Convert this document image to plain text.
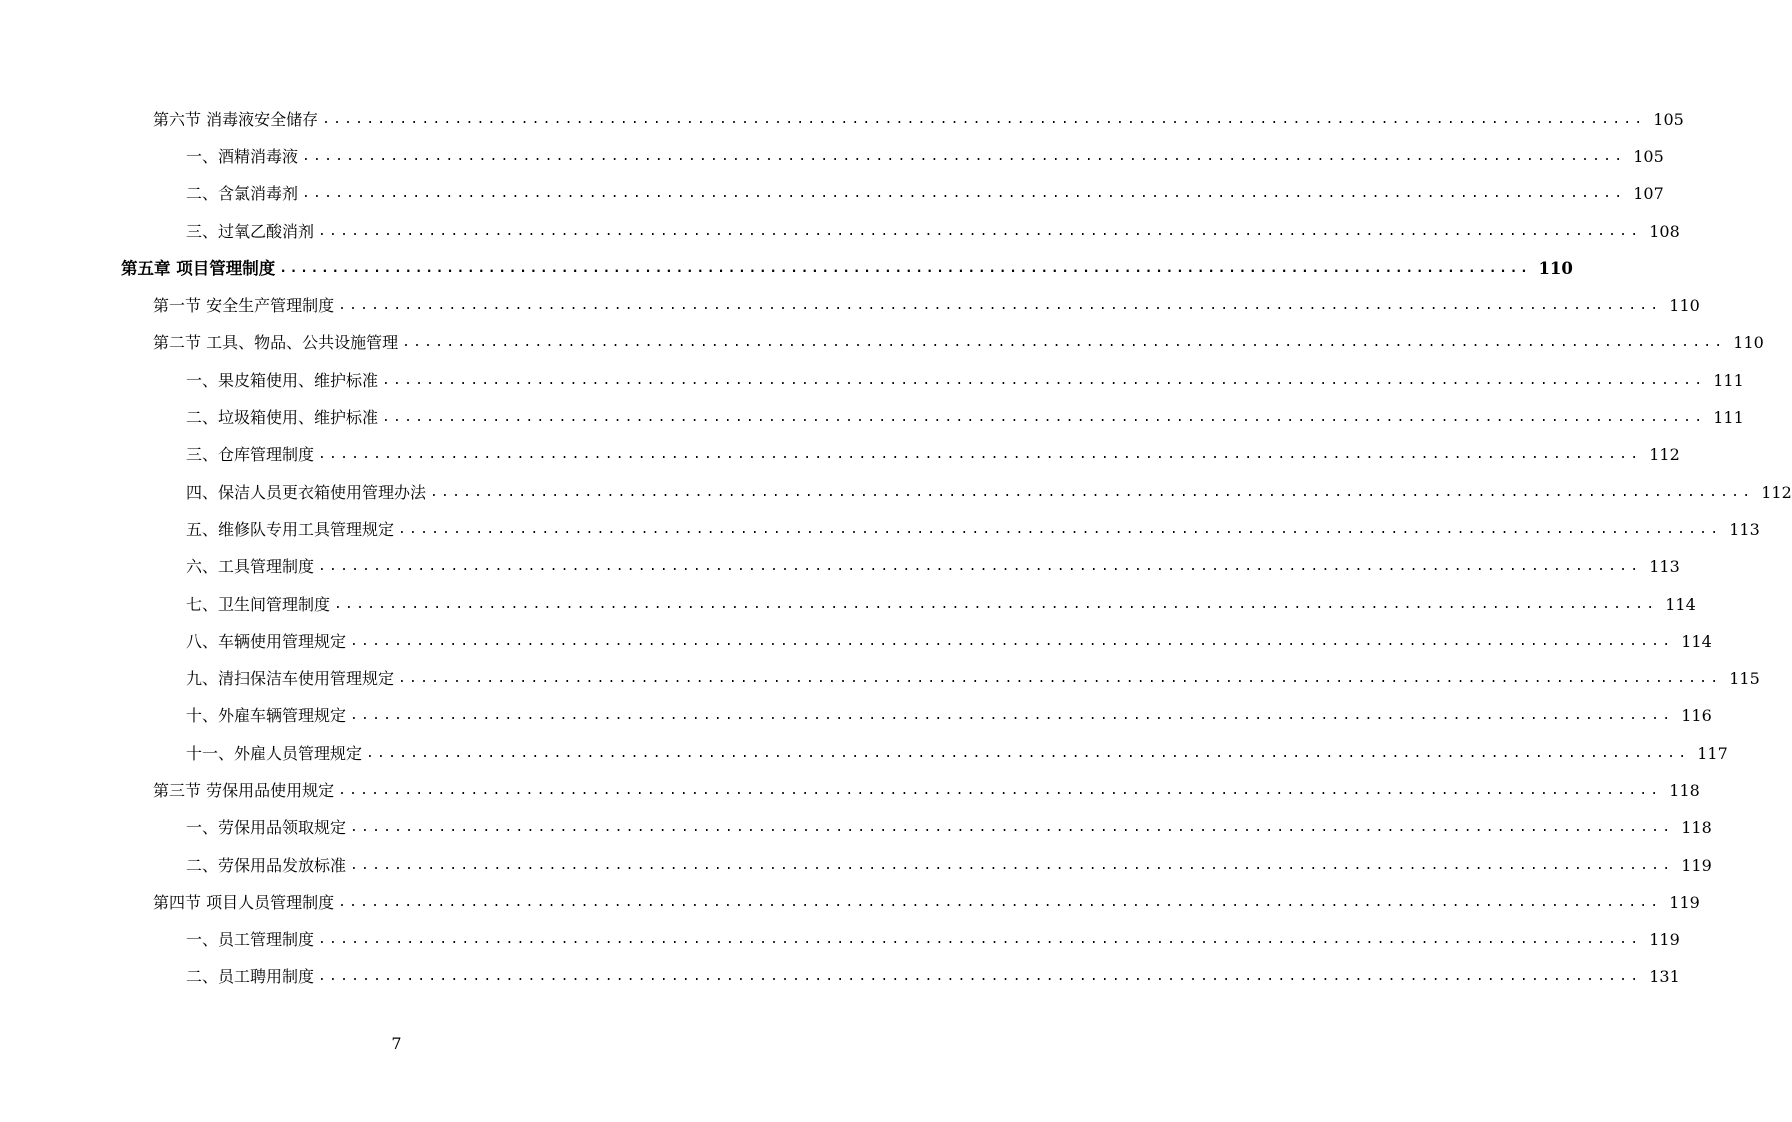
第六节 消毒液安全储存 ........................................................................................................................ 105
一、酒精消毒液 ........................................................................................................................ 105
二、含氯消毒剂 ........................................................................................................................ 107
三、过氧乙酸消剂 ........................................................................................................................ 108
第五章 项目管理制度 ........................................................................................................................ 110
第一节 安全生产管理制度 ........................................................................................................................ 110
第二节 工具、物品、公共设施管理 ........................................................................................................................ 110
一、果皮箱使用、维护标准 ........................................................................................................................ 111
二、垃圾箱使用、维护标准 ........................................................................................................................ 111
三、仓库管理制度 ........................................................................................................................ 112
四、保洁人员更衣箱使用管理办法 ........................................................................................................................ 112
五、维修队专用工具管理规定 ........................................................................................................................ 113
六、工具管理制度 ........................................................................................................................ 113
七、卫生间管理制度 ........................................................................................................................ 114
八、车辆使用管理规定 ........................................................................................................................ 114
九、清扫保洁车使用管理规定 ........................................................................................................................ 115
十、外雇车辆管理规定 ........................................................................................................................ 116
十一、外雇人员管理规定 ........................................................................................................................ 117
第三节 劳保用品使用规定 ........................................................................................................................ 118
一、劳保用品领取规定 ........................................................................................................................ 118
二、劳保用品发放标准 ........................................................................................................................ 119
第四节 项目人员管理制度 ........................................................................................................................ 119
一、员工管理制度 ........................................................................................................................ 119
二、员工聘用制度 ........................................................................................................................ 131
7
